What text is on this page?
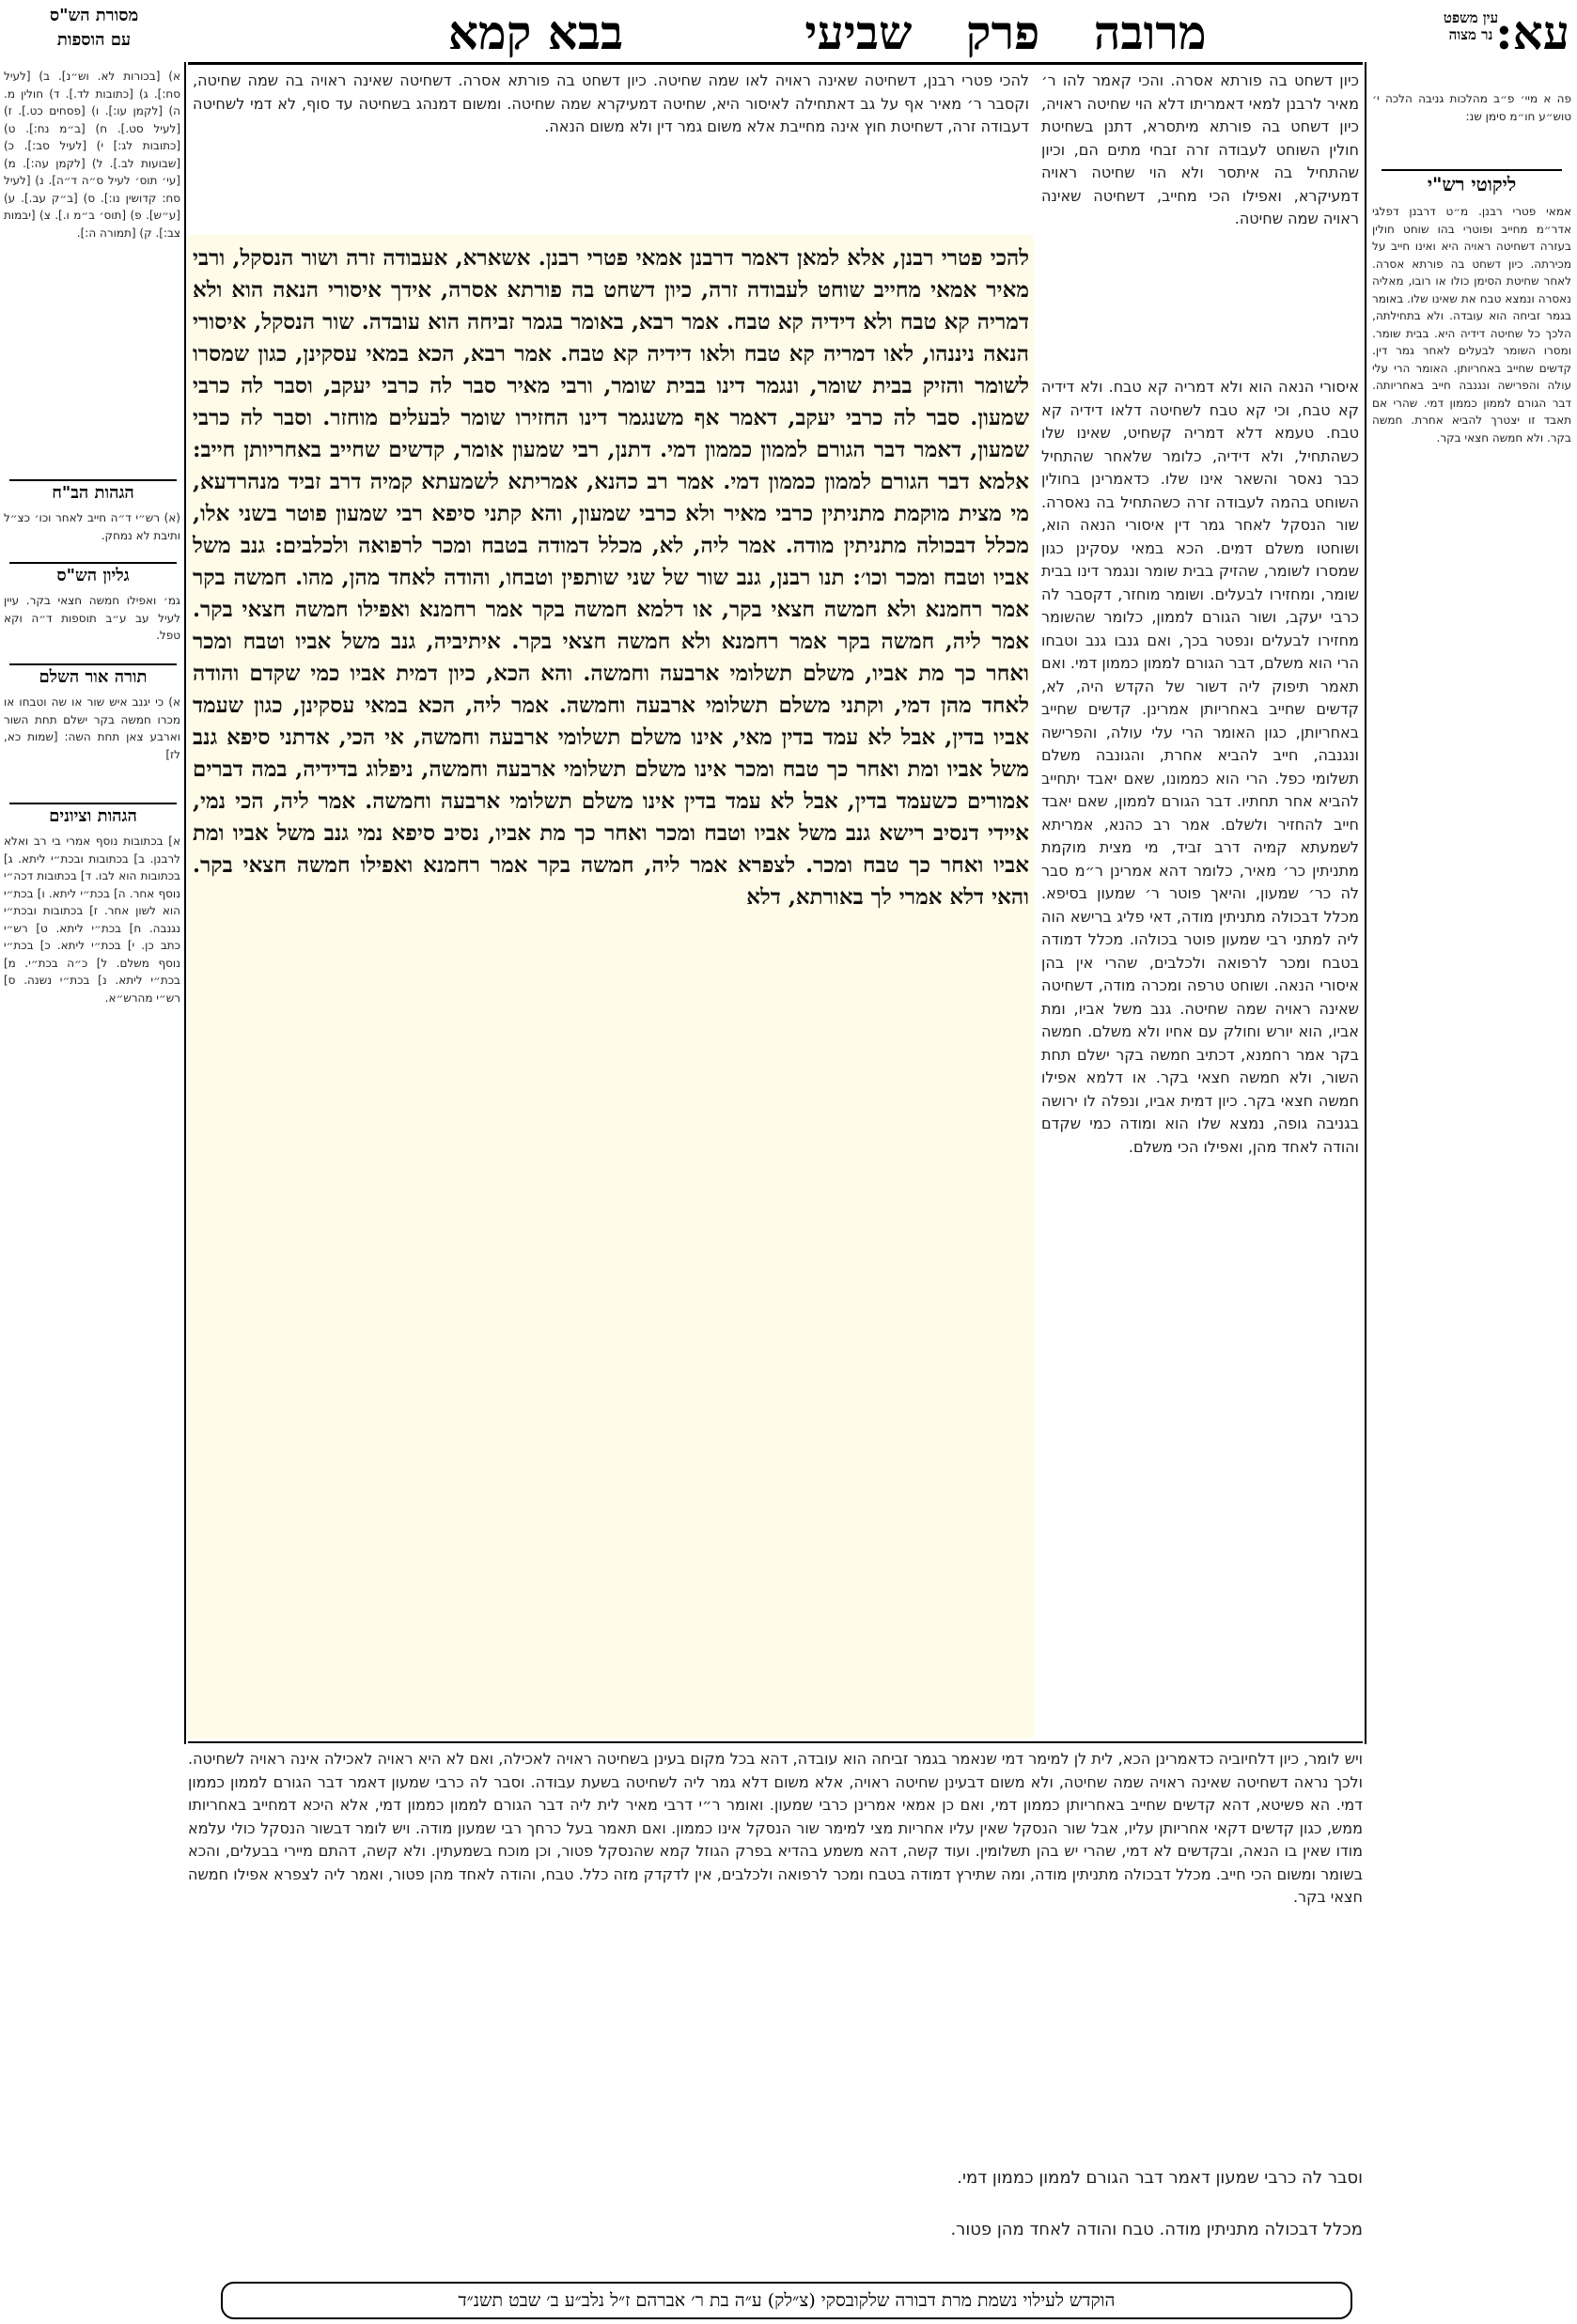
מסורת הש"ס
עם הוספות	בבא קמא	מרובה פרק שביעי	עא:
עין משפט
נר מצוה

להכי פטרי רבנן, אלא למאן דאמר דרבנן אמאי פטרי רבנן. אשארא, אעבודה זרה ושור הנסקל, ורבי מאיר אמאי מחייב שוחט לעבודה זרה, כיון דשחט בה פורתא אסרה, אידך איסורי הנאה הוא ולא דמריה קא טבח ולא דידיה קא טבח. אמר רבא, באומר בגמר זביחה הוא עובדה. שור הנסקל, איסורי הנאה ניננהו, לאו דמריה קא טבח ולאו דידיה קא טבח. אמר רבא, הכא במאי עסקינן, כגון שמסרו לשומר והזיק בבית שומר, ונגמר דינו בבית שומר, ורבי מאיר סבר לה כרבי יעקב, וסבר לה כרבי שמעון. סבר לה כרבי יעקב, דאמר אף משנגמר דינו החזירו שומר לבעלים מוחזר. וסבר לה כרבי שמעון, דאמר דבר הגורם לממון כממון דמי. דתנן, רבי שמעון אומר, קדשים שחייב באחריותן חייב: אלמא דבר הגורם לממון כממון דמי. אמר רב כהנא, אמריתא לשמעתא קמיה דרב זביד מנהרדעא, מי מצית מוקמת מתניתין כרבי מאיר ולא כרבי שמעון, והא קתני סיפא רבי שמעון פוטר בשני אלו, מכלל דבכולה מתניתין מודה. אמר ליה, לא, מכלל דמודה בטבח ומכר לרפואה ולכלבים: גנב משל אביו וטבח ומכר וכו׳: תנו רבנן, גנב שור של שני שותפין וטבחו, והודה לאחד מהן, מהו. חמשה בקר אמר רחמנא ולא חמשה חצאי בקר, או דלמא חמשה בקר אמר רחמנא ואפילו חמשה חצאי בקר. אמר ליה, חמשה בקר אמר רחמנא ולא חמשה חצאי בקר. איתיביה, גנב משל אביו וטבח ומכר ואחר כך מת אביו, משלם תשלומי ארבעה וחמשה. והא הכא, כיון דמית אביו כמי שקדם והודה לאחד מהן דמי, וקתני משלם תשלומי ארבעה וחמשה. אמר ליה, הכא במאי עסקינן, כגון שעמד אביו בדין, אבל לא עמד בדין מאי, אינו משלם תשלומי ארבעה וחמשה, אי הכי, אדתני סיפא גנב משל אביו ומת ואחר כך טבח ומכר אינו משלם תשלומי ארבעה וחמשה, ניפלוג בדידיה, במה דברים אמורים כשעמד בדין, אבל לא עמד בדין אינו משלם תשלומי ארבעה וחמשה. אמר ליה, הכי נמי, איידי דנסיב רישא גנב משל אביו וטבח ומכר ואחר כך מת אביו, נסיב סיפא נמי גנב משל אביו ומת אביו ואחר כך טבח ומכר. לצפרא אמר ליה, חמשה בקר אמר רחמנא ואפילו חמשה חצאי בקר. והאי דלא אמרי לך באורתא, דלא

כיון דשחט בה פורתא אסרה. והכי קאמר להו ר׳ מאיר לרבנן למאי דאמריתו דלא הוי שחיטה ראויה, כיון דשחט בה פורתא מיתסרא, דתנן בשחיטת חולין השוחט לעבודה זרה זבחי מתים הם, וכיון שהתחיל בה איתסר ולא הוי שחיטה ראויה דמעיקרא, ואפילו הכי מחייב, דשחיטה שאינה ראויה שמה שחיטה.

איסורי הנאה הוא ולא דמריה קא טבח. ולא דידיה קא טבח, וכי קא טבח לשחיטה דלאו דידיה קא טבח. טעמא דלא דמריה קשחיט, שאינו שלו כשהתחיל, ולא דידיה, כלומר שלאחר שהתחיל כבר נאסר והשאר אינו שלו. כדאמרינן בחולין השוחט בהמה לעבודה זרה כשהתחיל בה נאסרה. שור הנסקל לאחר גמר דין איסורי הנאה הוא, ושוחטו משלם דמים. הכא במאי עסקינן כגון שמסרו לשומר, שהזיק בבית שומר ונגמר דינו בבית שומר, ומחזירו לבעלים. ושומר מוחזר, דקסבר לה כרבי יעקב, ושור הגורם לממון, כלומר שהשומר מחזירו לבעלים ונפטר בכך, ואם גנבו גנב וטבחו הרי הוא משלם, דבר הגורם לממון כממון דמי. ואם תאמר תיפוק ליה דשור של הקדש היה, לא, קדשים שחייב באחריותן אמרינן. קדשים שחייב באחריותן, כגון האומר הרי עלי עולה, והפרישה ונגנבה, חייב להביא אחרת, והגונבה משלם תשלומי כפל. הרי הוא כממונו, שאם יאבד יתחייב להביא אחר תחתיו. דבר הגורם לממון, שאם יאבד חייב להחזיר ולשלם. אמר רב כהנא, אמריתא לשמעתא קמיה דרב זביד, מי מצית מוקמת מתניתין כר׳ מאיר, כלומר דהא אמרינן ר״מ סבר לה כר׳ שמעון, והיאך פוטר ר׳ שמעון בסיפא. מכלל דבכולה מתניתין מודה, דאי פליג ברישא הוה ליה למתני רבי שמעון פוטר בכולהו. מכלל דמודה בטבח ומכר לרפואה ולכלבים, שהרי אין בהן איסורי הנאה. ושוחט טרפה ומכרה מודה, דשחיטה שאינה ראויה שמה שחיטה. גנב משל אביו, ומת אביו, הוא יורש וחולק עם אחיו ולא משלם. חמשה בקר אמר רחמנא, דכתיב חמשה בקר ישלם תחת השור, ולא חמשה חצאי בקר. או דלמא אפילו חמשה חצאי בקר. כיון דמית אביו, ונפלה לו ירושה בגניבה גופה, נמצא שלו הוא ומודה כמי שקדם והודה לאחד מהן, ואפילו הכי משלם.

להכי פטרי רבנן, דשחיטה שאינה ראויה לאו שמה שחיטה. כיון דשחט בה פורתא אסרה. דשחיטה שאינה ראויה בה שמה שחיטה, וקסבר ר׳ מאיר אף על גב דאתחילה לאיסור היא, שחיטה דמעיקרא שמה שחיטה. ומשום דמנהג בשחיטה עד סוף, לא דמי לשחיטה דעבודה זרה, דשחיטת חוץ אינה מחייבת אלא משום גמר דין ולא משום הנאה.

ויש לומר, כיון דלחיוביה כדאמרינן הכא, לית לן למימר דמי שנאמר בגמר זביחה הוא עובדה, דהא בכל מקום בעינן בשחיטה ראויה לאכילה, ואם לא היא ראויה לאכילה אינה ראויה לשחיטה. ולכך נראה דשחיטה שאינה ראויה שמה שחיטה, ולא משום דבעינן שחיטה ראויה, אלא משום דלא גמר ליה לשחיטה בשעת עבודה. וסבר לה כרבי שמעון דאמר דבר הגורם לממון כממון דמי. הא פשיטא, דהא קדשים שחייב באחריותן כממון דמי, ואם כן אמאי אמרינן כרבי שמעון. ואומר ר״י דרבי מאיר לית ליה דבר הגורם לממון כממון דמי, אלא היכא דמחייב באחריותו ממש, כגון קדשים דקאי אחריותן עליו, אבל שור הנסקל שאין עליו אחריות מצי למימר שור הנסקל אינו כממון. ואם תאמר בעל כרחך רבי שמעון מודה. ויש לומר דבשור הנסקל כולי עלמא מודו שאין בו הנאה, ובקדשים לא דמי, שהרי יש בהן תשלומין. ועוד קשה, דהא משמע בהדיא בפרק הגוזל קמא שהנסקל פטור, וכן מוכח בשמעתין. ולא קשה, דהתם מיירי בבעלים, והכא בשומר ומשום הכי חייב. מכלל דבכולה מתניתין מודה, ומה שתירץ דמודה בטבח ומכר לרפואה ולכלבים, אין לדקדק מזה כלל. טבח, והודה לאחד מהן פטור, ואמר ליה לצפרא אפילו חמשה חצאי בקר.

וסבר לה כרבי שמעון דאמר דבר הגורם לממון כממון דמי.

מכלל דבכולה מתניתין מודה. טבח והודה לאחד מהן פטור.

א) [בכורות לא. וש״נ]. ב) [לעיל סח:]. ג) [כתובות לד.]. ד) חולין מ. ה) [לקמן עו:]. ו) [פסחים כט.]. ז) [לעיל סט.]. ח) [ב״מ נח:]. ט) [כתובות לג:] י) [לעיל סב:]. כ) [שבועות לב.]. ל) [לקמן עה:]. מ) [עי׳ תוס׳ לעיל ס״ה ד״ה]. נ) [לעיל סח: קדושין נו:]. ס) [ב״ק עב.]. ע) [ע״ש]. פ) [תוס׳ ב״מ ו.]. צ) [יבמות צב:]. ק) [תמורה ה:].

הגהות הב"ח

(א) רש״י ד״ה חייב לאחר וכו׳ כצ״ל ותיבת לא נמחק.

גליון הש"ס

גמ׳ ואפילו חמשה חצאי בקר. עיין לעיל עב ע״ב תוספות ד״ה וקא טפל.

תורה אור השלם

א) כי יגנב איש שור או שה וטבחו או מכרו חמשה בקר ישלם תחת השור וארבע צאן תחת השה: [שמות כא, לז]

הגהות וציונים

א] בכתובות נוסף אמרי בי רב ואלא לרבנן. ב] בכתובות ובכת״י ליתא. ג] בכתובות הוא לבו. ד] בכתובות דכה״י נוסף אחר. ה] בכת״י ליתא. ו] בכת״י הוא לשון אחר. ז] בכתובות ובכת״י נגנבה. ח] בכת״י ליתא. ט] רש״י כתב כן. י] בכת״י ליתא. כ] בכת״י נוסף משלם. ל] כ״ה בכת״י. מ] בכת״י ליתא. נ] בכת״י נשנה. ס] רש״י מהרש״א.

פה א מיי׳ פ״ב מהלכות גניבה הלכה י׳ טוש״ע חו״מ סימן שנ:

ליקוטי רש"י

אמאי פטרי רבנן. מ״ט דרבנן דפלגי אדר״מ מחייב ופוטרי בהו שוחט חולין בעזרה דשחיטה ראויה היא ואינו חייב על מכירתה. כיון דשחט בה פורתא אסרה. לאחר שחיטת הסימן כולו או רובו, מאליה נאסרה ונמצא טבח את שאינו שלו. באומר בגמר זביחה הוא עובדה. ולא בתחילתה, הלכך כל שחיטה דידיה היא. בבית שומר. ומסרו השומר לבעלים לאחר גמר דין. קדשים שחייב באחריותן. האומר הרי עלי עולה והפרישה ונגנבה חייב באחריותה. דבר הגורם לממון כממון דמי. שהרי אם תאבד זו יצטרך להביא אחרת. חמשה בקר. ולא חמשה חצאי בקר.

הוקדש לעילוי נשמת מרת דבורה שלקובסקי (צ״לק) ע״ה בת ר׳ אברהם ז״ל נלב״ע ב׳ שבט תשנ״ד
